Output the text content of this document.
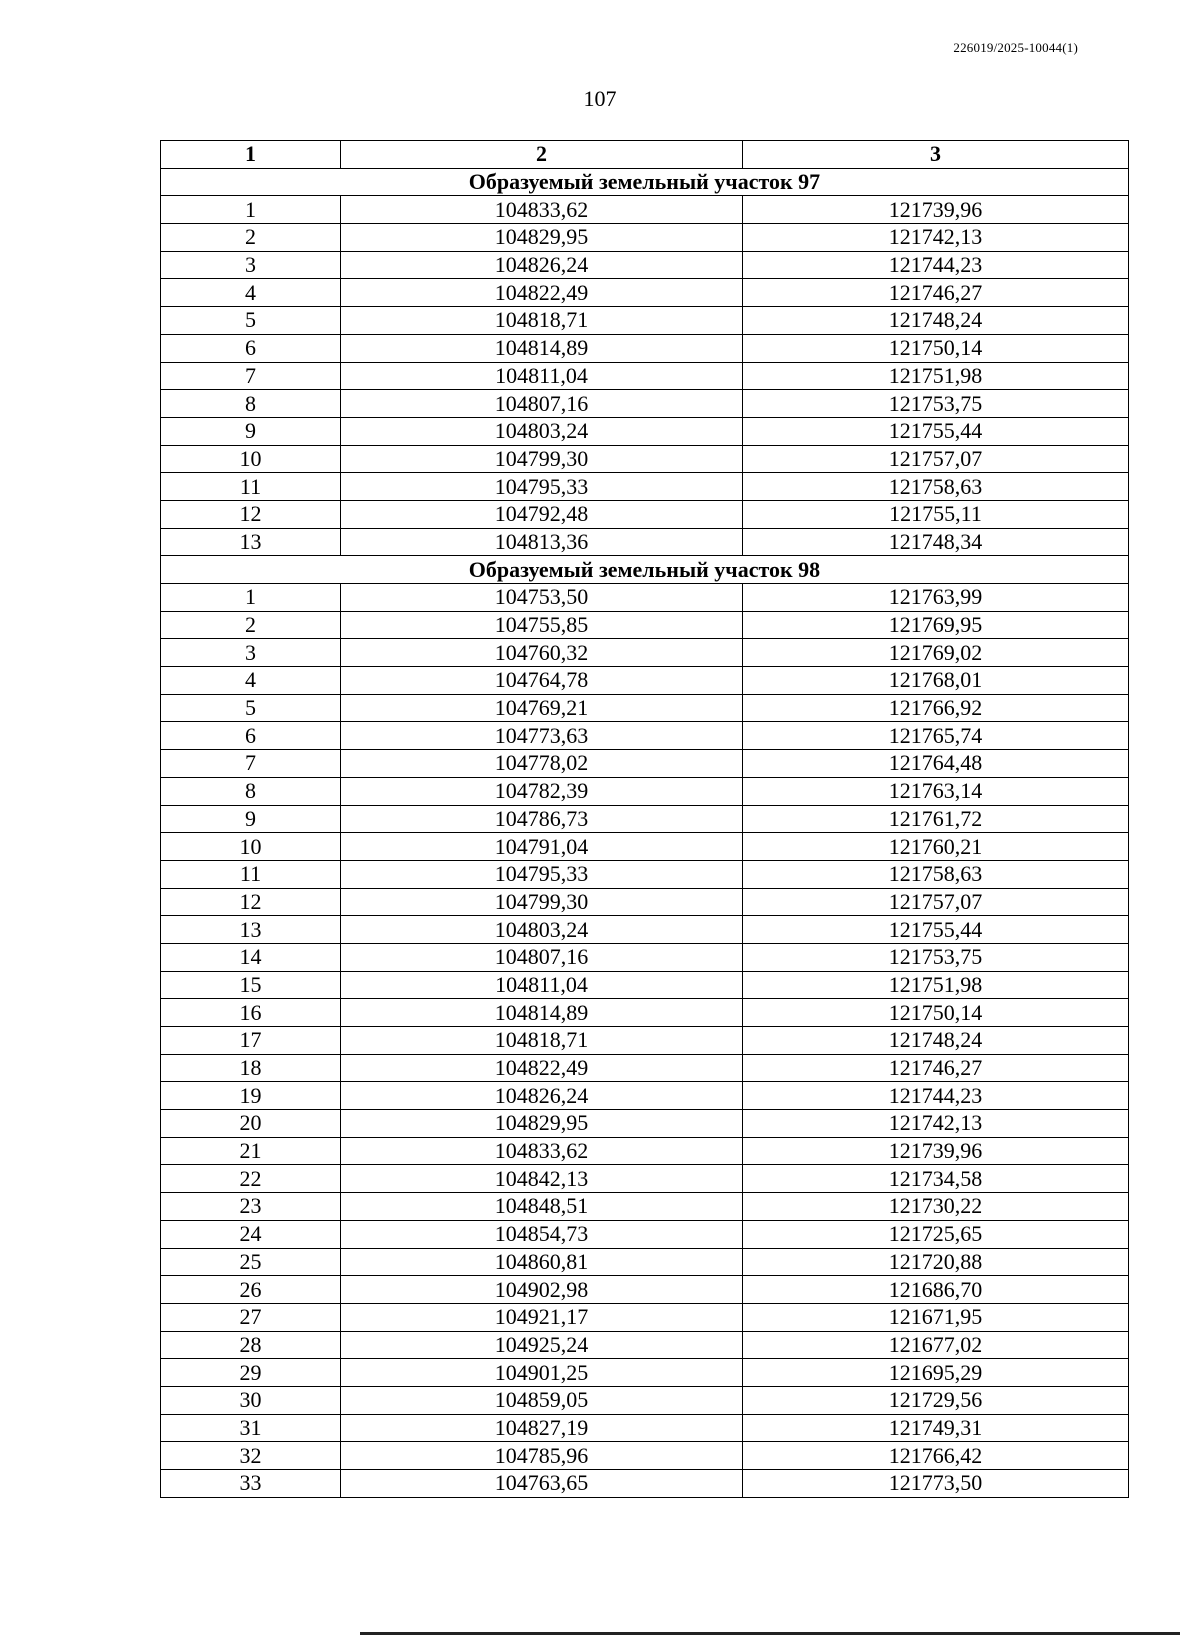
226019/2025-10044(1)
107
1	2	3
Образуемый земельный участок 97		
1	104833,62	121739,96
2	104829,95	121742,13
3	104826,24	121744,23
4	104822,49	121746,27
5	104818,71	121748,24
6	104814,89	121750,14
7	104811,04	121751,98
8	104807,16	121753,75
9	104803,24	121755,44
10	104799,30	121757,07
11	104795,33	121758,63
12	104792,48	121755,11
13	104813,36	121748,34
Образуемый земельный участок 98		
1	104753,50	121763,99
2	104755,85	121769,95
3	104760,32	121769,02
4	104764,78	121768,01
5	104769,21	121766,92
6	104773,63	121765,74
7	104778,02	121764,48
8	104782,39	121763,14
9	104786,73	121761,72
10	104791,04	121760,21
11	104795,33	121758,63
12	104799,30	121757,07
13	104803,24	121755,44
14	104807,16	121753,75
15	104811,04	121751,98
16	104814,89	121750,14
17	104818,71	121748,24
18	104822,49	121746,27
19	104826,24	121744,23
20	104829,95	121742,13
21	104833,62	121739,96
22	104842,13	121734,58
23	104848,51	121730,22
24	104854,73	121725,65
25	104860,81	121720,88
26	104902,98	121686,70
27	104921,17	121671,95
28	104925,24	121677,02
29	104901,25	121695,29
30	104859,05	121729,56
31	104827,19	121749,31
32	104785,96	121766,42
33	104763,65	121773,50
